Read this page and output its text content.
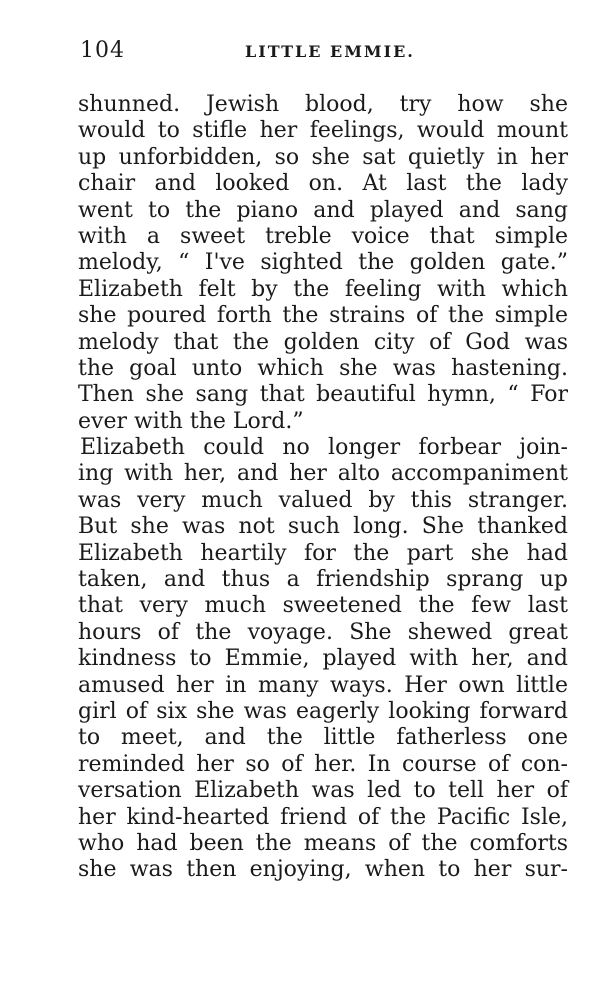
104	LITTLE EMMIE.
shunned. Jewish blood, try how she
would to stifle her feelings, would mount
up unforbidden, so she sat quietly in her
chair and looked on. At last the lady
went to the piano and played and sang
with a sweet treble voice that simple
melody, “ I've sighted the golden gate.”
Elizabeth felt by the feeling with which
she poured forth the strains of the simple
melody that the golden city of God was
the goal unto which she was hastening.
Then she sang that beautiful hymn, “ For
ever with the Lord.”
Elizabeth could no longer forbear join-
ing with her, and her alto accompaniment
was very much valued by this stranger.
But she was not such long. She thanked
Elizabeth heartily for the part she had
taken, and thus a friendship sprang up
that very much sweetened the few last
hours of the voyage. She shewed great
kindness to Emmie, played with her, and
amused her in many ways. Her own little
girl of six she was eagerly looking forward
to meet, and the little fatherless one
reminded her so of her. In course of con-
versation Elizabeth was led to tell her of
her kind-hearted friend of the Pacific Isle,
who had been the means of the comforts
she was then enjoying, when to her sur-
